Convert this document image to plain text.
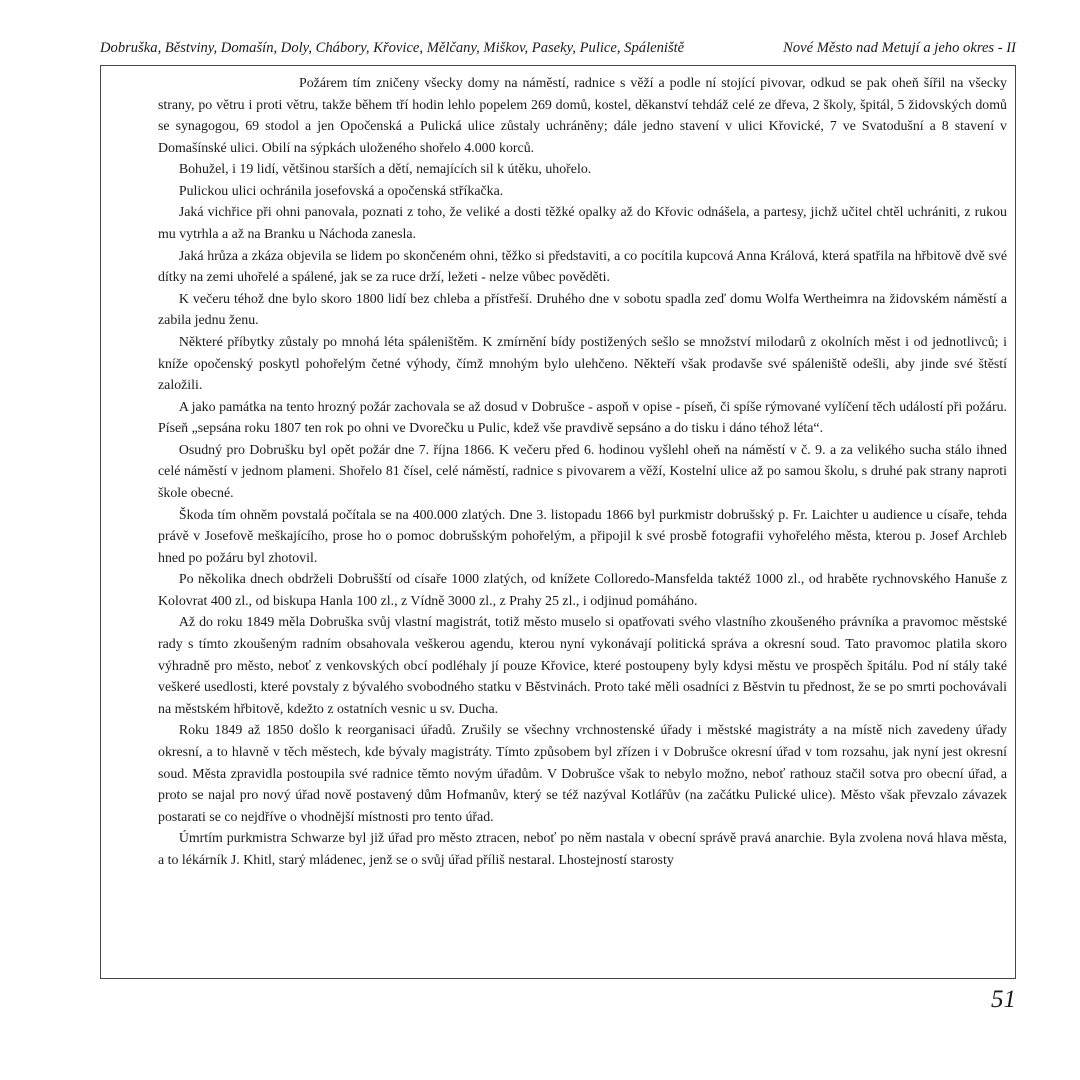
Dobruška, Běstviny, Domašín, Doly, Chábory, Křovice, Mělčany, Miškov, Paseky, Pulice, Spáleniště	Nové Město nad Metují a jeho okres - II

Požárem tím zničeny všecky domy na náměstí, radnice s věží a podle ní stojící pivovar, odkud se pak oheň šířil na všecky strany, po větru i proti větru, takže během tří hodin lehlo popelem 269 domů, kostel, děkanství tehdáž celé ze dřeva, 2 školy, špitál, 5 židovských domů se synagogou, 69 stodol a jen Opočenská a Pulická ulice zůstaly uchráněny; dále jedno stavení v ulici Křovické, 7 ve Svatodušní a 8 stavení v Domašínské ulici. Obilí na sýpkách uloženého shořelo 4.000 korců.

Bohužel, i 19 lidí, většinou starších a dětí, nemajících sil k útěku, uhořelo.

Pulickou ulici ochránila josefovská a opočenská stříkačka.

Jaká vichřice při ohni panovala, poznati z toho, že veliké a dosti těžké opalky až do Křovic odnášela, a partesy, jichž učitel chtěl uchrániti, z rukou mu vytrhla a až na Branku u Náchoda zanesla.

Jaká hrůza a zkáza objevila se lidem po skončeném ohni, těžko si představiti, a co pocítila kupcová Anna Králová, která spatřila na hřbitově dvě své dítky na zemi uhořelé a spálené, jak se za ruce drží, ležeti - nelze vůbec pověděti.

K večeru téhož dne bylo skoro 1800 lidí bez chleba a přístřeší. Druhého dne v sobotu spadla zeď domu Wolfa Wertheimra na židovském náměstí a zabila jednu ženu.

Některé příbytky zůstaly po mnohá léta spáleništěm. K zmírnění bídy postižených sešlo se množství milodarů z okolních měst i od jednotlivců; i kníže opočenský poskytl pohořelým četné výhody, čímž mnohým bylo ulehčeno. Někteří však prodavše své spáleniště odešli, aby jinde své štěstí založili.

A jako památka na tento hrozný požár zachovala se až dosud v Dobrušce - aspoň v opise - píseň, či spíše rýmované vylíčení těch událostí při požáru. Píseň „sepsána roku 1807 ten rok po ohni ve Dvorečku u Pulic, kdež vše pravdivě sepsáno a do tisku i dáno téhož léta“.

Osudný pro Dobrušku byl opět požár dne 7. října 1866. K večeru před 6. hodinou vyšlehl oheň na náměstí v č. 9. a za velikého sucha stálo ihned celé náměstí v jednom plameni. Shořelo 81 čísel, celé náměstí, radnice s pivovarem a věží, Kostelní ulice až po samou školu, s druhé pak strany naproti škole obecné.

Škoda tím ohněm povstalá počítala se na 400.000 zlatých. Dne 3. listopadu 1866 byl purkmistr dobrušský p. Fr. Laichter u audience u císaře, tehda právě v Josefově meškajícího, prose ho o pomoc dobrušským pohořelým, a připojil k své prosbě fotografii vyhořelého města, kterou p. Josef Archleb hned po požáru byl zhotovil.

Po několika dnech obdrželi Dobrušští od císaře 1000 zlatých, od knížete Colloredo-Mansfelda taktéž 1000 zl., od hraběte rychnovského Hanuše z Kolovrat 400 zl., od biskupa Hanla 100 zl., z Vídně 3000 zl., z Prahy 25 zl., i odjinud pomáháno.

Až do roku 1849 měla Dobruška svůj vlastní magistrát, totiž město muselo si opatřovati svého vlastního zkoušeného právníka a pravomoc městské rady s tímto zkoušeným radním obsahovala veškerou agendu, kterou nyní vykonávají politická správa a okresní soud. Tato pravomoc platila skoro výhradně pro město, neboť z venkovských obcí podléhaly jí pouze Křovice, které postoupeny byly kdysi městu ve prospěch špitálu. Pod ní stály také veškeré usedlosti, které povstaly z bývalého svobodného statku v Běstvinách. Proto také měli osadníci z Běstvin tu přednost, že se po smrti pochovávali na městském hřbitově, kdežto z ostatních vesnic u sv. Ducha.

Roku 1849 až 1850 došlo k reorganisaci úřadů. Zrušily se všechny vrchnostenské úřady i městské magistráty a na místě nich zavedeny úřady okresní, a to hlavně v těch městech, kde bývaly magistráty. Tímto způsobem byl zřízen i v Dobrušce okresní úřad v tom rozsahu, jak nyní jest okresní soud. Města zpravidla postoupila své radnice těmto novým úřadům. V Dobrušce však to nebylo možno, neboť rathouz stačil sotva pro obecní úřad, a proto se najal pro nový úřad nově postavený dům Hofmanův, který se též nazýval Kotlářův (na začátku Pulické ulice). Město však převzalo závazek postarati se co nejdříve o vhodnější místnosti pro tento úřad.

Úmrtím purkmistra Schwarze byl již úřad pro město ztracen, neboť po něm nastala v obecní správě pravá anarchie. Byla zvolena nová hlava města, a to lékárník J. Khitl, starý mládenec, jenž se o svůj úřad příliš nestaral. Lhostejností starosty

51
